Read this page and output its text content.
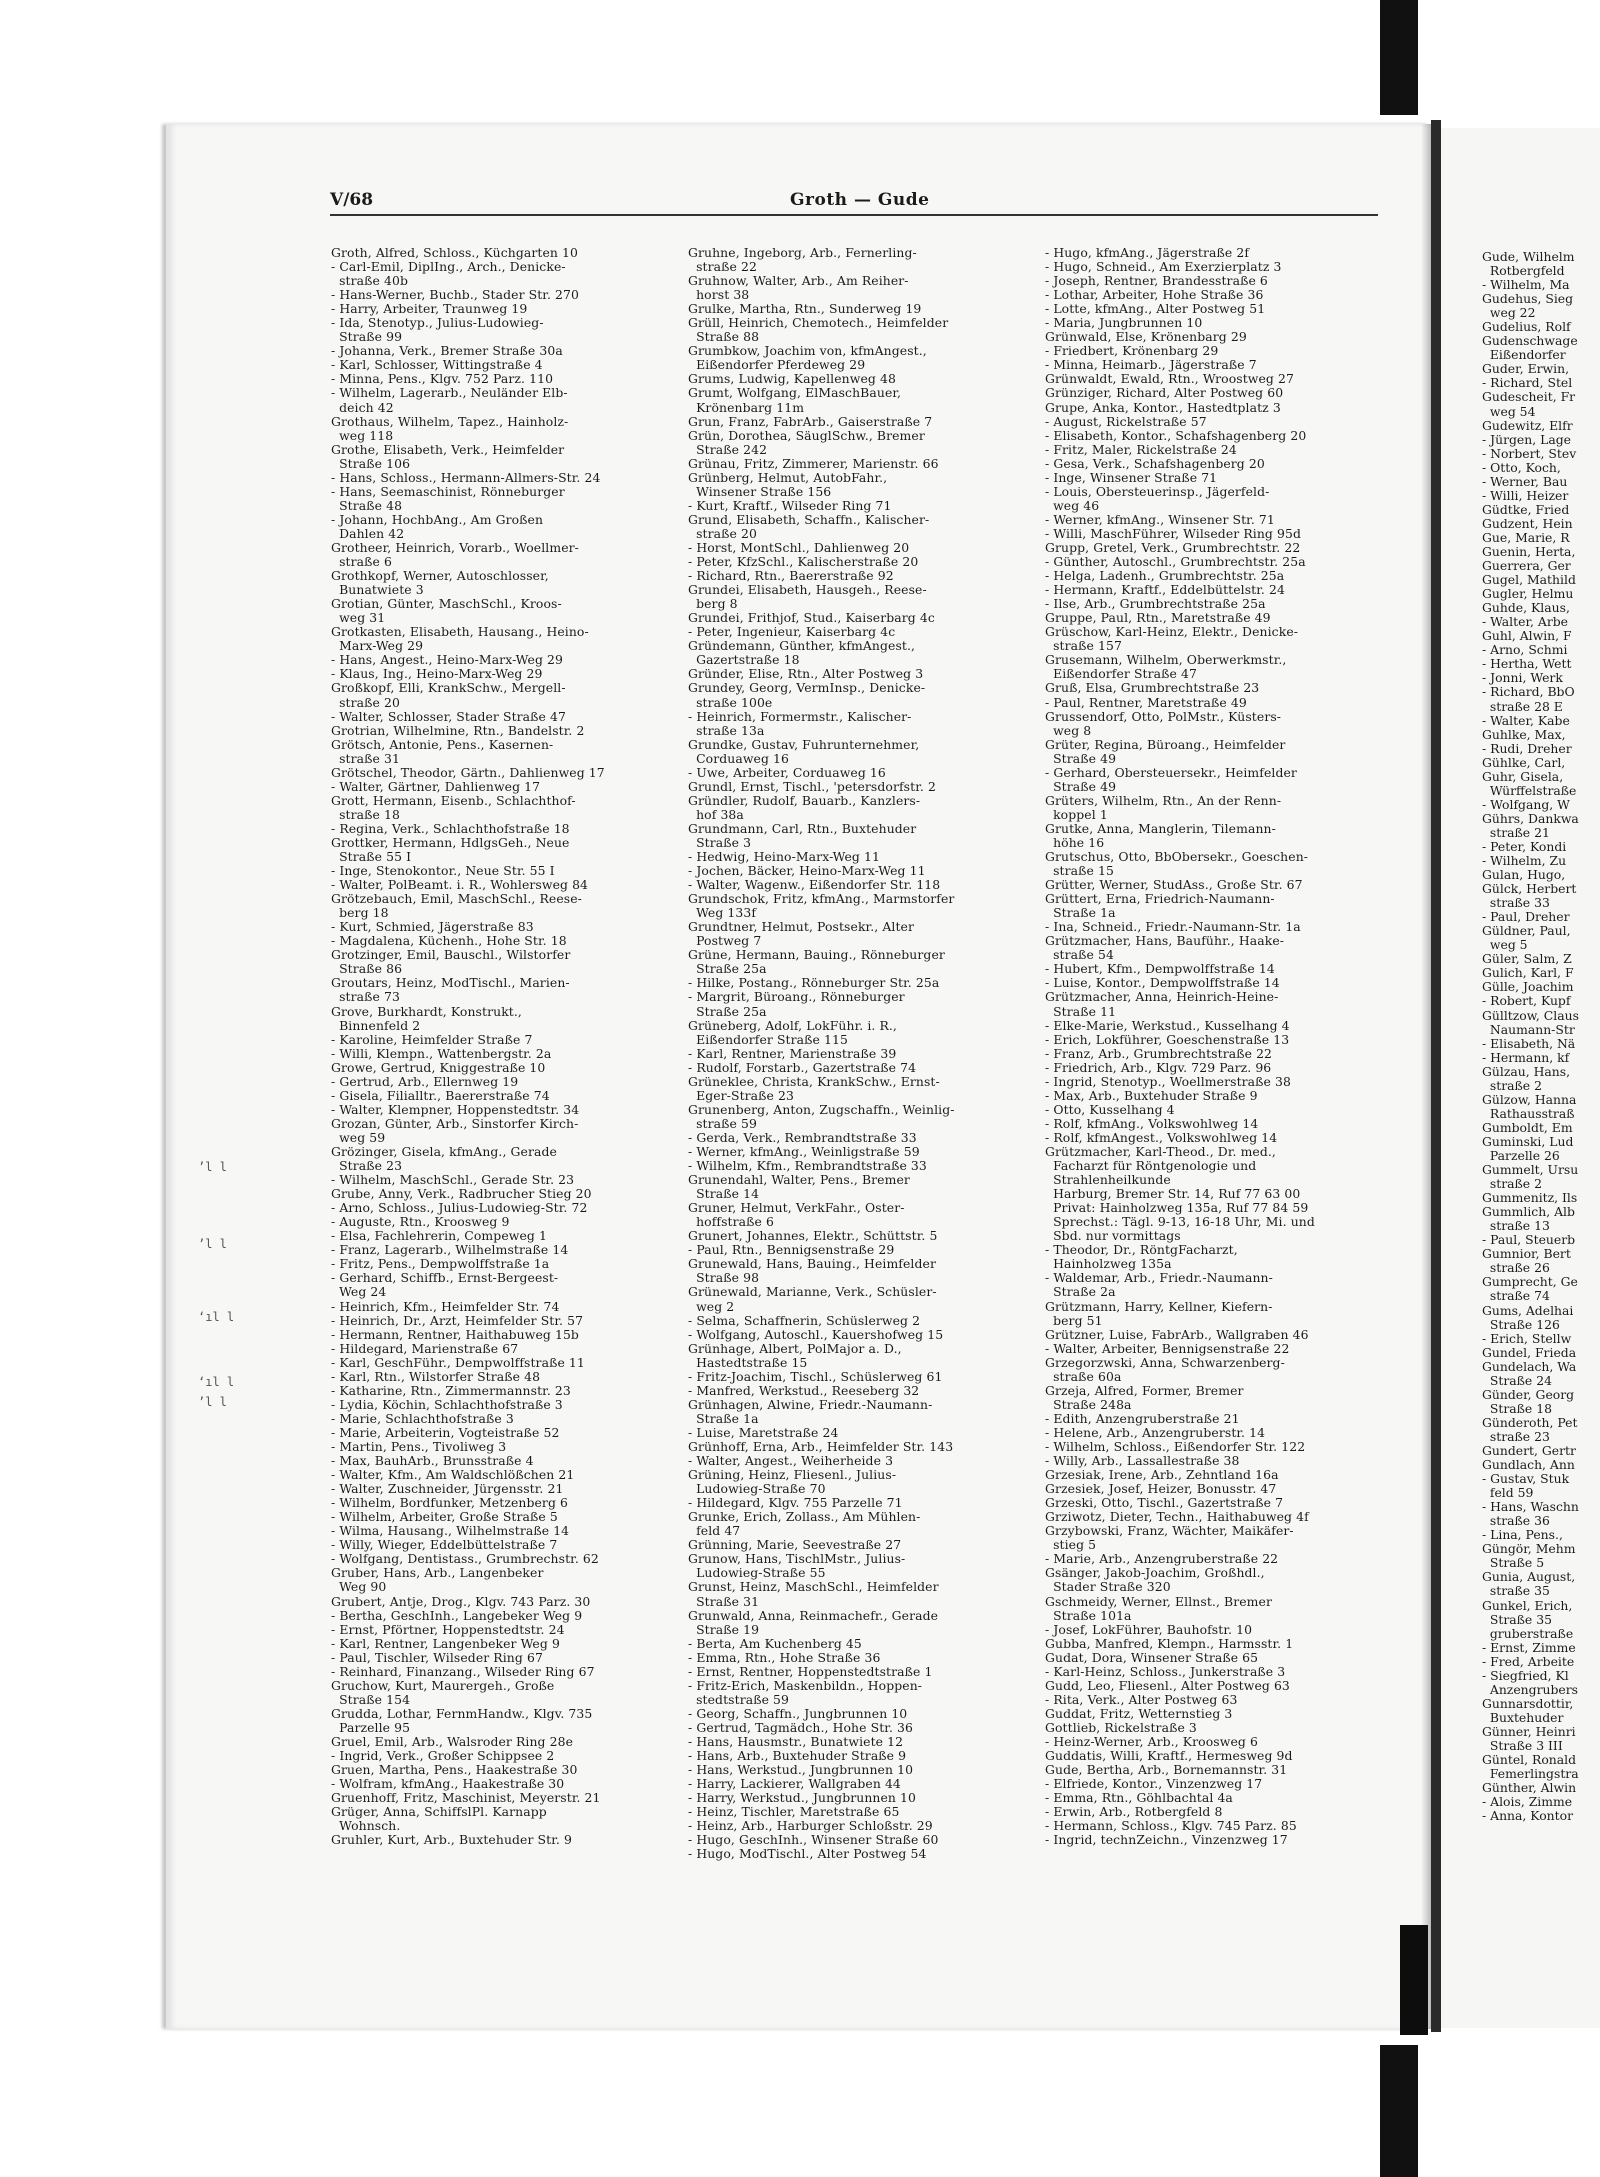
Gude, Wilhelm
Rotbergfeld
- Wilhelm, Ma
Gudehus, Sieg
weg 22
Gudelius, Rolf
Gudenschwage
Eißendorfer
Guder, Erwin,
- Richard, Stel
Gudescheit, Fr
weg 54
Gudewitz, Elfr
- Jürgen, Lage
- Norbert, Stev
- Otto, Koch,
- Werner, Bau
- Willi, Heizer
Güdtke, Fried
Gudzent, Hein
Gue, Marie, R
Guenin, Herta,
Guerrera, Ger
Gugel, Mathild
Gugler, Helmu
Guhde, Klaus,
- Walter, Arbe
Guhl, Alwin, F
- Arno, Schmi
- Hertha, Wett
- Jonni, Werk
- Richard, BbO
straße 28 E
- Walter, Kabe
Guhlke, Max,
- Rudi, Dreher
Gühlke, Carl,
Guhr, Gisela,
Würffelstraße
- Wolfgang, W
Gührs, Dankwa
straße 21
- Peter, Kondi
- Wilhelm, Zu
Gulan, Hugo,
Gülck, Herbert
straße 33
- Paul, Dreher
Güldner, Paul,
weg 5
Güler, Salm, Z
Gulich, Karl, F
Gülle, Joachim
- Robert, Kupf
Gülltzow, Claus
Naumann-Str
- Elisabeth, Nä
- Hermann, kf
Gülzau, Hans,
straße 2
Gülzow, Hanna
Rathausstraß
Gumboldt, Em
Guminski, Lud
Parzelle 26
Gummelt, Ursu
straße 2
Gummenitz, Ils
Gummlich, Alb
straße 13
- Paul, Steuerb
Gumnior, Bert
straße 26
Gumprecht, Ge
straße 74
Gums, Adelhai
Straße 126
- Erich, Stellw
Gundel, Frieda
Gundelach, Wa
Straße 24
Günder, Georg
Straße 18
Günderoth, Pet
straße 23
Gundert, Gertr
Gundlach, Ann
- Gustav, Stuk
feld 59
- Hans, Waschn
straße 36
- Lina, Pens.,
Güngör, Mehm
Straße 5
Gunia, August,
straße 35
Gunkel, Erich,
Straße 35
gruberstraße
- Ernst, Zimme
- Fred, Arbeite
- Siegfried, Kl
Anzengrubers
Gunnarsdottir,
Buxtehuder
Günner, Heinri
Straße 3 III
Güntel, Ronald
Femerlingstra
Günther, Alwin
- Alois, Zimme
- Anna, Kontor
V/68	Groth — Gude
Groth, Alfred, Schloss., Küchgarten 10
- Carl-Emil, DiplIng., Arch., Denicke-
straße 40b
- Hans-Werner, Buchb., Stader Str. 270
- Harry, Arbeiter, Traunweg 19
- Ida, Stenotyp., Julius-Ludowieg-
Straße 99
- Johanna, Verk., Bremer Straße 30a
- Karl, Schlosser, Wittingstraße 4
- Minna, Pens., Klgv. 752 Parz. 110
- Wilhelm, Lagerarb., Neuländer Elb-
deich 42
Grothaus, Wilhelm, Tapez., Hainholz-
weg 118
Grothe, Elisabeth, Verk., Heimfelder
Straße 106
- Hans, Schloss., Hermann-Allmers-Str. 24
- Hans, Seemaschinist, Rönneburger
Straße 48
- Johann, HochbAng., Am Großen
Dahlen 42
Grotheer, Heinrich, Vorarb., Woellmer-
straße 6
Grothkopf, Werner, Autoschlosser,
Bunatwiete 3
Grotian, Günter, MaschSchl., Kroos-
weg 31
Grotkasten, Elisabeth, Hausang., Heino-
Marx-Weg 29
- Hans, Angest., Heino-Marx-Weg 29
- Klaus, Ing., Heino-Marx-Weg 29
Großkopf, Elli, KrankSchw., Mergell-
straße 20
- Walter, Schlosser, Stader Straße 47
Grotrian, Wilhelmine, Rtn., Bandelstr. 2
Grötsch, Antonie, Pens., Kasernen-
straße 31
Grötschel, Theodor, Gärtn., Dahlienweg 17
- Walter, Gärtner, Dahlienweg 17
Grott, Hermann, Eisenb., Schlachthof-
straße 18
- Regina, Verk., Schlachthofstraße 18
Grottker, Hermann, HdlgsGeh., Neue
Straße 55 I
- Inge, Stenokontor., Neue Str. 55 I
- Walter, PolBeamt. i. R., Wohlersweg 84
Grötzebauch, Emil, MaschSchl., Reese-
berg 18
- Kurt, Schmied, Jägerstraße 83
- Magdalena, Küchenh., Hohe Str. 18
Grotzinger, Emil, Bauschl., Wilstorfer
Straße 86
Groutars, Heinz, ModTischl., Marien-
straße 73
Grove, Burkhardt, Konstrukt.,
Binnenfeld 2
- Karoline, Heimfelder Straße 7
- Willi, Klempn., Wattenbergstr. 2a
Growe, Gertrud, Kniggestraße 10
- Gertrud, Arb., Ellernweg 19
- Gisela, Filialltr., Baererstraße 74
- Walter, Klempner, Hoppenstedtstr. 34
Grozan, Günter, Arb., Sinstorfer Kirch-
weg 59
Grözinger, Gisela, kfmAng., Gerade
Straße 23
- Wilhelm, MaschSchl., Gerade Str. 23
Grube, Anny, Verk., Radbrucher Stieg 20
- Arno, Schloss., Julius-Ludowieg-Str. 72
- Auguste, Rtn., Kroosweg 9
- Elsa, Fachlehrerin, Compeweg 1
- Franz, Lagerarb., Wilhelmstraße 14
- Fritz, Pens., Dempwolffstraße 1a
- Gerhard, Schiffb., Ernst-Bergeest-
Weg 24
- Heinrich, Kfm., Heimfelder Str. 74
- Heinrich, Dr., Arzt, Heimfelder Str. 57
- Hermann, Rentner, Haithabuweg 15b
- Hildegard, Marienstraße 67
- Karl, GeschFühr., Dempwolffstraße 11
- Karl, Rtn., Wilstorfer Straße 48
- Katharine, Rtn., Zimmermannstr. 23
- Lydia, Köchin, Schlachthofstraße 3
- Marie, Schlachthofstraße 3
- Marie, Arbeiterin, Vogteistraße 52
- Martin, Pens., Tivoliweg 3
- Max, BauhArb., Brunsstraße 4
- Walter, Kfm., Am Waldschlößchen 21
- Walter, Zuschneider, Jürgensstr. 21
- Wilhelm, Bordfunker, Metzenberg 6
- Wilhelm, Arbeiter, Große Straße 5
- Wilma, Hausang., Wilhelmstraße 14
- Willy, Wieger, Eddelbüttelstraße 7
- Wolfgang, Dentistass., Grumbrechstr. 62
Gruber, Hans, Arb., Langenbeker
Weg 90
Grubert, Antje, Drog., Klgv. 743 Parz. 30
- Bertha, GeschInh., Langebeker Weg 9
- Ernst, Pförtner, Hoppenstedtstr. 24
- Karl, Rentner, Langenbeker Weg 9
- Paul, Tischler, Wilseder Ring 67
- Reinhard, Finanzang., Wilseder Ring 67
Gruchow, Kurt, Maurergeh., Große
Straße 154
Grudda, Lothar, FernmHandw., Klgv. 735
Parzelle 95
Gruel, Emil, Arb., Walsroder Ring 28e
- Ingrid, Verk., Großer Schippsee 2
Gruen, Martha, Pens., Haakestraße 30
- Wolfram, kfmAng., Haakestraße 30
Gruenhoff, Fritz, Maschinist, Meyerstr. 21
Grüger, Anna, SchiffslPl. Karnapp
Wohnsch.
Gruhler, Kurt, Arb., Buxtehuder Str. 9
Gruhne, Ingeborg, Arb., Fernerling-
straße 22
Gruhnow, Walter, Arb., Am Reiher-
horst 38
Grulke, Martha, Rtn., Sunderweg 19
Grüll, Heinrich, Chemotech., Heimfelder
Straße 88
Grumbkow, Joachim von, kfmAngest.,
Eißendorfer Pferdeweg 29
Grums, Ludwig, Kapellenweg 48
Grumt, Wolfgang, ElMaschBauer,
Krönenbarg 11m
Grun, Franz, FabrArb., Gaiserstraße 7
Grün, Dorothea, SäuglSchw., Bremer
Straße 242
Grünau, Fritz, Zimmerer, Marienstr. 66
Grünberg, Helmut, AutobFahr.,
Winsener Straße 156
- Kurt, Kraftf., Wilseder Ring 71
Grund, Elisabeth, Schaffn., Kalischer-
straße 20
- Horst, MontSchl., Dahlienweg 20
- Peter, KfzSchl., Kalischerstraße 20
- Richard, Rtn., Baererstraße 92
Grundei, Elisabeth, Hausgeh., Reese-
berg 8
Grundei, Frithjof, Stud., Kaiserbarg 4c
- Peter, Ingenieur, Kaiserbarg 4c
Gründemann, Günther, kfmAngest.,
Gazertstraße 18
Gründer, Elise, Rtn., Alter Postweg 3
Grundey, Georg, VermInsp., Denicke-
straße 100e
- Heinrich, Formermstr., Kalischer-
straße 13a
Grundke, Gustav, Fuhrunternehmer,
Corduaweg 16
- Uwe, Arbeiter, Corduaweg 16
Grundl, Ernst, Tischl., 'petersdorfstr. 2
Gründler, Rudolf, Bauarb., Kanzlers-
hof 38a
Grundmann, Carl, Rtn., Buxtehuder
Straße 3
- Hedwig, Heino-Marx-Weg 11
- Jochen, Bäcker, Heino-Marx-Weg 11
- Walter, Wagenw., Eißendorfer Str. 118
Grundschok, Fritz, kfmAng., Marmstorfer
Weg 133f
Grundtner, Helmut, Postsekr., Alter
Postweg 7
Grüne, Hermann, Bauing., Rönneburger
Straße 25a
- Hilke, Postang., Rönneburger Str. 25a
- Margrit, Büroang., Rönneburger
Straße 25a
Grüneberg, Adolf, LokFühr. i. R.,
Eißendorfer Straße 115
- Karl, Rentner, Marienstraße 39
- Rudolf, Forstarb., Gazertstraße 74
Grüneklee, Christa, KrankSchw., Ernst-
Eger-Straße 23
Grunenberg, Anton, Zugschaffn., Weinlig-
straße 59
- Gerda, Verk., Rembrandtstraße 33
- Werner, kfmAng., Weinligstraße 59
- Wilhelm, Kfm., Rembrandtstraße 33
Grunendahl, Walter, Pens., Bremer
Straße 14
Gruner, Helmut, VerkFahr., Oster-
hoffstraße 6
Grunert, Johannes, Elektr., Schüttstr. 5
- Paul, Rtn., Bennigsenstraße 29
Grunewald, Hans, Bauing., Heimfelder
Straße 98
Grünewald, Marianne, Verk., Schüsler-
weg 2
- Selma, Schaffnerin, Schüslerweg 2
- Wolfgang, Autoschl., Kauershofweg 15
Grünhage, Albert, PolMajor a. D.,
Hastedtstraße 15
- Fritz-Joachim, Tischl., Schüslerweg 61
- Manfred, Werkstud., Reeseberg 32
Grünhagen, Alwine, Friedr.-Naumann-
Straße 1a
- Luise, Maretstraße 24
Grünhoff, Erna, Arb., Heimfelder Str. 143
- Walter, Angest., Weiherheide 3
Grüning, Heinz, Fliesenl., Julius-
Ludowieg-Straße 70
- Hildegard, Klgv. 755 Parzelle 71
Grunke, Erich, Zollass., Am Mühlen-
feld 47
Grünning, Marie, Seevestraße 27
Grunow, Hans, TischlMstr., Julius-
Ludowieg-Straße 55
Grunst, Heinz, MaschSchl., Heimfelder
Straße 31
Grunwald, Anna, Reinmachefr., Gerade
Straße 19
- Berta, Am Kuchenberg 45
- Emma, Rtn., Hohe Straße 36
- Ernst, Rentner, Hoppenstedtstraße 1
- Fritz-Erich, Maskenbildn., Hoppen-
stedtstraße 59
- Georg, Schaffn., Jungbrunnen 10
- Gertrud, Tagmädch., Hohe Str. 36
- Hans, Hausmstr., Bunatwiete 12
- Hans, Arb., Buxtehuder Straße 9
- Hans, Werkstud., Jungbrunnen 10
- Harry, Lackierer, Wallgraben 44
- Harry, Werkstud., Jungbrunnen 10
- Heinz, Tischler, Maretstraße 65
- Heinz, Arb., Harburger Schloßstr. 29
- Hugo, GeschInh., Winsener Straße 60
- Hugo, ModTischl., Alter Postweg 54
- Hugo, kfmAng., Jägerstraße 2f
- Hugo, Schneid., Am Exerzierplatz 3
- Joseph, Rentner, Brandesstraße 6
- Lothar, Arbeiter, Hohe Straße 36
- Lotte, kfmAng., Alter Postweg 51
- Maria, Jungbrunnen 10
Grünwald, Else, Krönenbarg 29
- Friedbert, Krönenbarg 29
- Minna, Heimarb., Jägerstraße 7
Grünwaldt, Ewald, Rtn., Wroostweg 27
Grünziger, Richard, Alter Postweg 60
Grupe, Anka, Kontor., Hastedtplatz 3
- August, Rickelstraße 57
- Elisabeth, Kontor., Schafshagenberg 20
- Fritz, Maler, Rickelstraße 24
- Gesa, Verk., Schafshagenberg 20
- Inge, Winsener Straße 71
- Louis, Obersteuerinsp., Jägerfeld-
weg 46
- Werner, kfmAng., Winsener Str. 71
- Willi, MaschFührer, Wilseder Ring 95d
Grupp, Gretel, Verk., Grumbrechtstr. 22
- Günther, Autoschl., Grumbrechtstr. 25a
- Helga, Ladenh., Grumbrechtstr. 25a
- Hermann, Kraftf., Eddelbüttelstr. 24
- Ilse, Arb., Grumbrechtstraße 25a
Gruppe, Paul, Rtn., Maretstraße 49
Grüschow, Karl-Heinz, Elektr., Denicke-
straße 157
Grusemann, Wilhelm, Oberwerkmstr.,
Eißendorfer Straße 47
Gruß, Elsa, Grumbrechtstraße 23
- Paul, Rentner, Maretstraße 49
Grussendorf, Otto, PolMstr., Küsters-
weg 8
Grüter, Regina, Büroang., Heimfelder
Straße 49
- Gerhard, Obersteuersekr., Heimfelder
Straße 49
Grüters, Wilhelm, Rtn., An der Renn-
koppel 1
Grutke, Anna, Manglerin, Tilemann-
höhe 16
Grutschus, Otto, BbObersekr., Goeschen-
straße 15
Grütter, Werner, StudAss., Große Str. 67
Grüttert, Erna, Friedrich-Naumann-
Straße 1a
- Ina, Schneid., Friedr.-Naumann-Str. 1a
Grützmacher, Hans, Bauführ., Haake-
straße 54
- Hubert, Kfm., Dempwolffstraße 14
- Luise, Kontor., Dempwolffstraße 14
Grützmacher, Anna, Heinrich-Heine-
Straße 11
- Elke-Marie, Werkstud., Kusselhang 4
- Erich, Lokführer, Goeschenstraße 13
- Franz, Arb., Grumbrechtstraße 22
- Friedrich, Arb., Klgv. 729 Parz. 96
- Ingrid, Stenotyp., Woellmerstraße 38
- Max, Arb., Buxtehuder Straße 9
- Otto, Kusselhang 4
- Rolf, kfmAng., Volkswohlweg 14
- Rolf, kfmAngest., Volkswohlweg 14
Grützmacher, Karl-Theod., Dr. med.,
Facharzt für Röntgenologie und
Strahlenheilkunde
Harburg, Bremer Str. 14, Ruf 77 63 00
Privat: Hainholzweg 135a, Ruf 77 84 59
Sprechst.: Tägl. 9-13, 16-18 Uhr, Mi. und
Sbd. nur vormittags
- Theodor, Dr., RöntgFacharzt,
Hainholzweg 135a
- Waldemar, Arb., Friedr.-Naumann-
Straße 2a
Grützmann, Harry, Kellner, Kiefern-
berg 51
Grützner, Luise, FabrArb., Wallgraben 46
- Walter, Arbeiter, Bennigsenstraße 22
Grzegorzwski, Anna, Schwarzenberg-
straße 60a
Grzeja, Alfred, Former, Bremer
Straße 248a
- Edith, Anzengruberstraße 21
- Helene, Arb., Anzengruberstr. 14
- Wilhelm, Schloss., Eißendorfer Str. 122
- Willy, Arb., Lassallestraße 38
Grzesiak, Irene, Arb., Zehntland 16a
Grzesiek, Josef, Heizer, Bonusstr. 47
Grzeski, Otto, Tischl., Gazertstraße 7
Grziwotz, Dieter, Techn., Haithabuweg 4f
Grzybowski, Franz, Wächter, Maikäfer-
stieg 5
- Marie, Arb., Anzengruberstraße 22
Gsänger, Jakob-Joachim, Großhdl.,
Stader Straße 320
Gschmeidy, Werner, Ellnst., Bremer
Straße 101a
- Josef, LokFührer, Bauhofstr. 10
Gubba, Manfred, Klempn., Harmsstr. 1
Gudat, Dora, Winsener Straße 65
- Karl-Heinz, Schloss., Junkerstraße 3
Gudd, Leo, Fliesenl., Alter Postweg 63
- Rita, Verk., Alter Postweg 63
Guddat, Fritz, Wetternstieg 3
Gottlieb, Rickelstraße 3
- Heinz-Werner, Arb., Kroosweg 6
Guddatis, Willi, Kraftf., Hermesweg 9d
Gude, Bertha, Arb., Bornemannstr. 31
- Elfriede, Kontor., Vinzenzweg 17
- Emma, Rtn., Göhlbachtal 4a
- Erwin, Arb., Rotbergfeld 8
- Hermann, Schloss., Klgv. 745 Parz. 85
- Ingrid, technZeichn., Vinzenzweg 17
’l l
’l l
‘ıl l
‘ıl l
’l l
